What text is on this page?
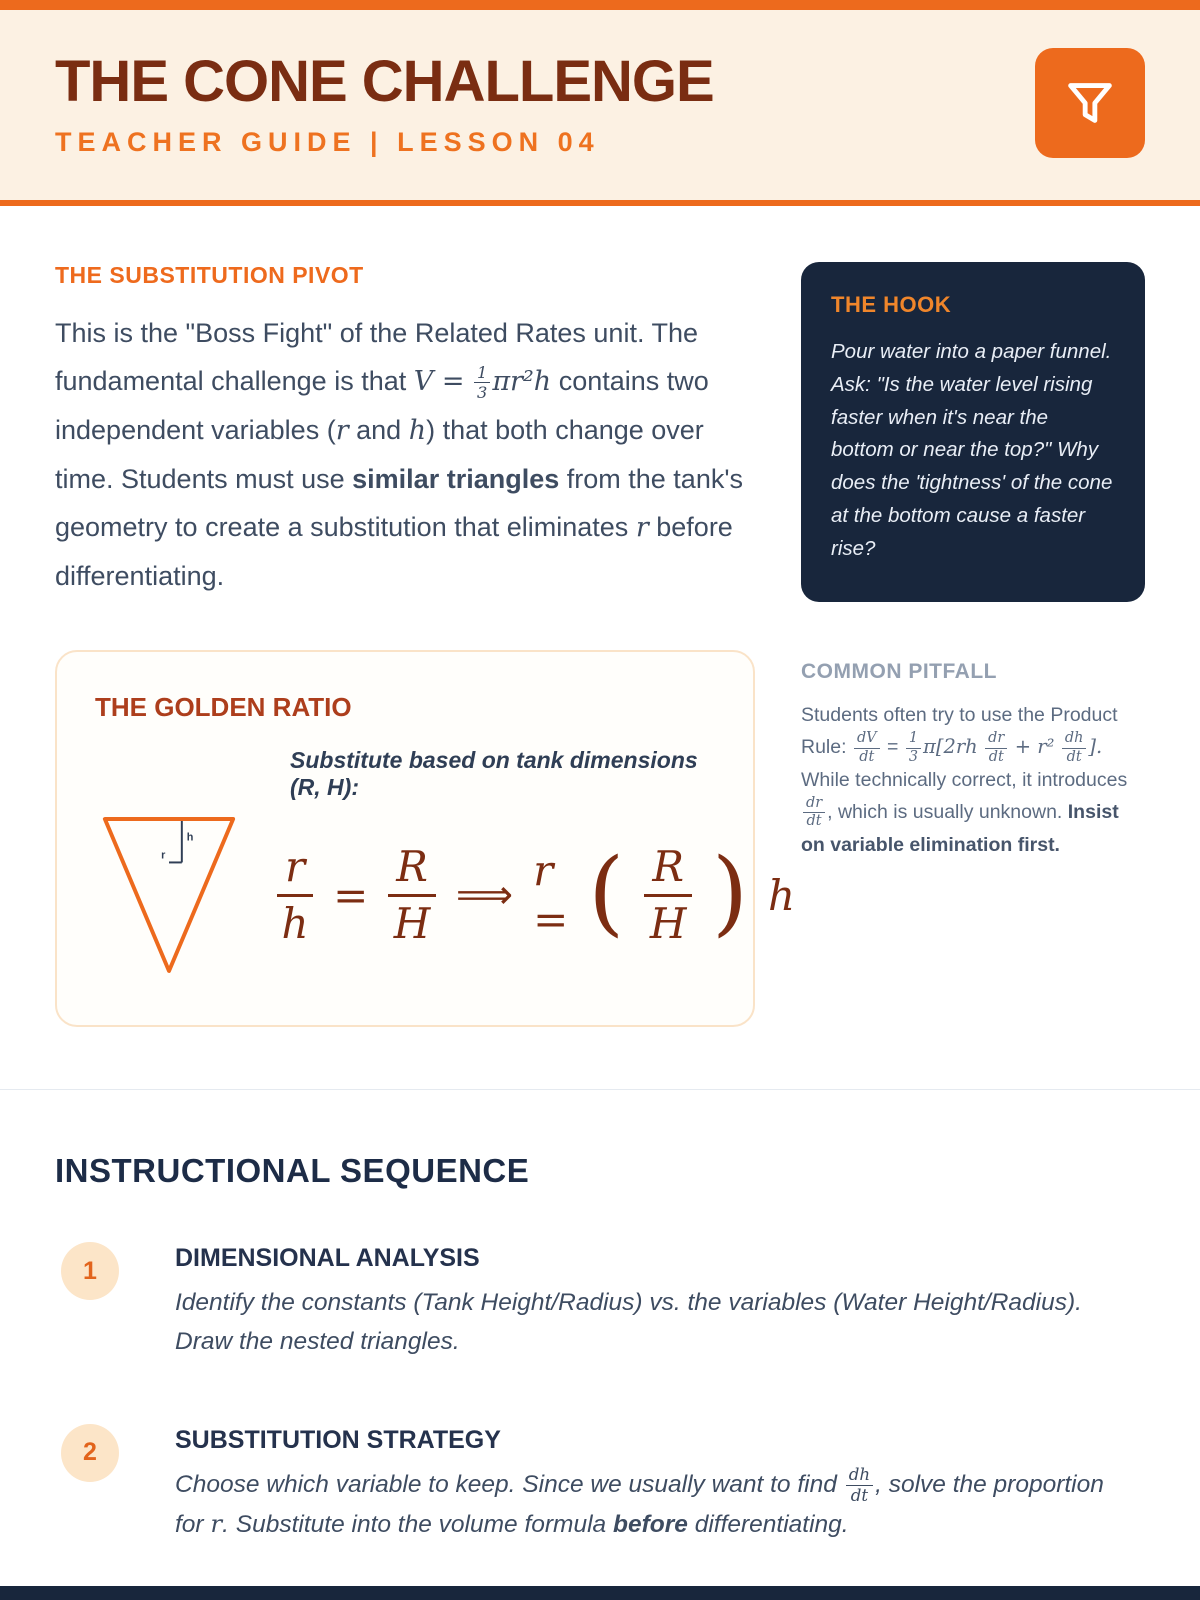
THE CONE CHALLENGE
TEACHER GUIDE | LESSON 04
THE SUBSTITUTION PIVOT

This is the "Boss Fight" of the Related Rates unit. The fundamental challenge is that $V = \frac{1}{3} \pi r^2h$ contains two independent variables (r and h) that both change over time. Students must use similar triangles from the tank's geometry to create a substitution that eliminates r before differentiating.

THE GOLDEN RATIO
Substitute based on tank dimensions (R, H):
h
r	$\frac{r}{h} = \frac{R}{H}$ ⟹ r = ( $\frac{R}{H}$ ) h
THE HOOK

Pour water into a paper funnel. Ask: "Is the water level rising faster when it's near the bottom or near the top?" Why does the 'tightness' of the cone at the bottom cause a faster rise?

COMMON PITFALL

Students often try to use the Product Rule: $\frac{dV}{dt} = \frac{1}{3} \pi[2rh \frac{dr}{dt} + r^2 \frac{dh}{dt}$ ]. While technically correct, it introduces
$\frac{dr}{dt}$ , which is usually unknown. Insist on variable elimination first.

INSTRUCTIONAL SEQUENCE
1	DIMENSIONAL ANALYSIS

Identify the constants (Tank Height/Radius) vs. the variables (Water Height/Radius). Draw the nested triangles.

2	SUBSTITUTION STRATEGY

Choose which variable to keep. Since we usually want to find $\frac{dh}{dt}$ , solve the proportion for r. Substitute into the volume formula before differentiating.
